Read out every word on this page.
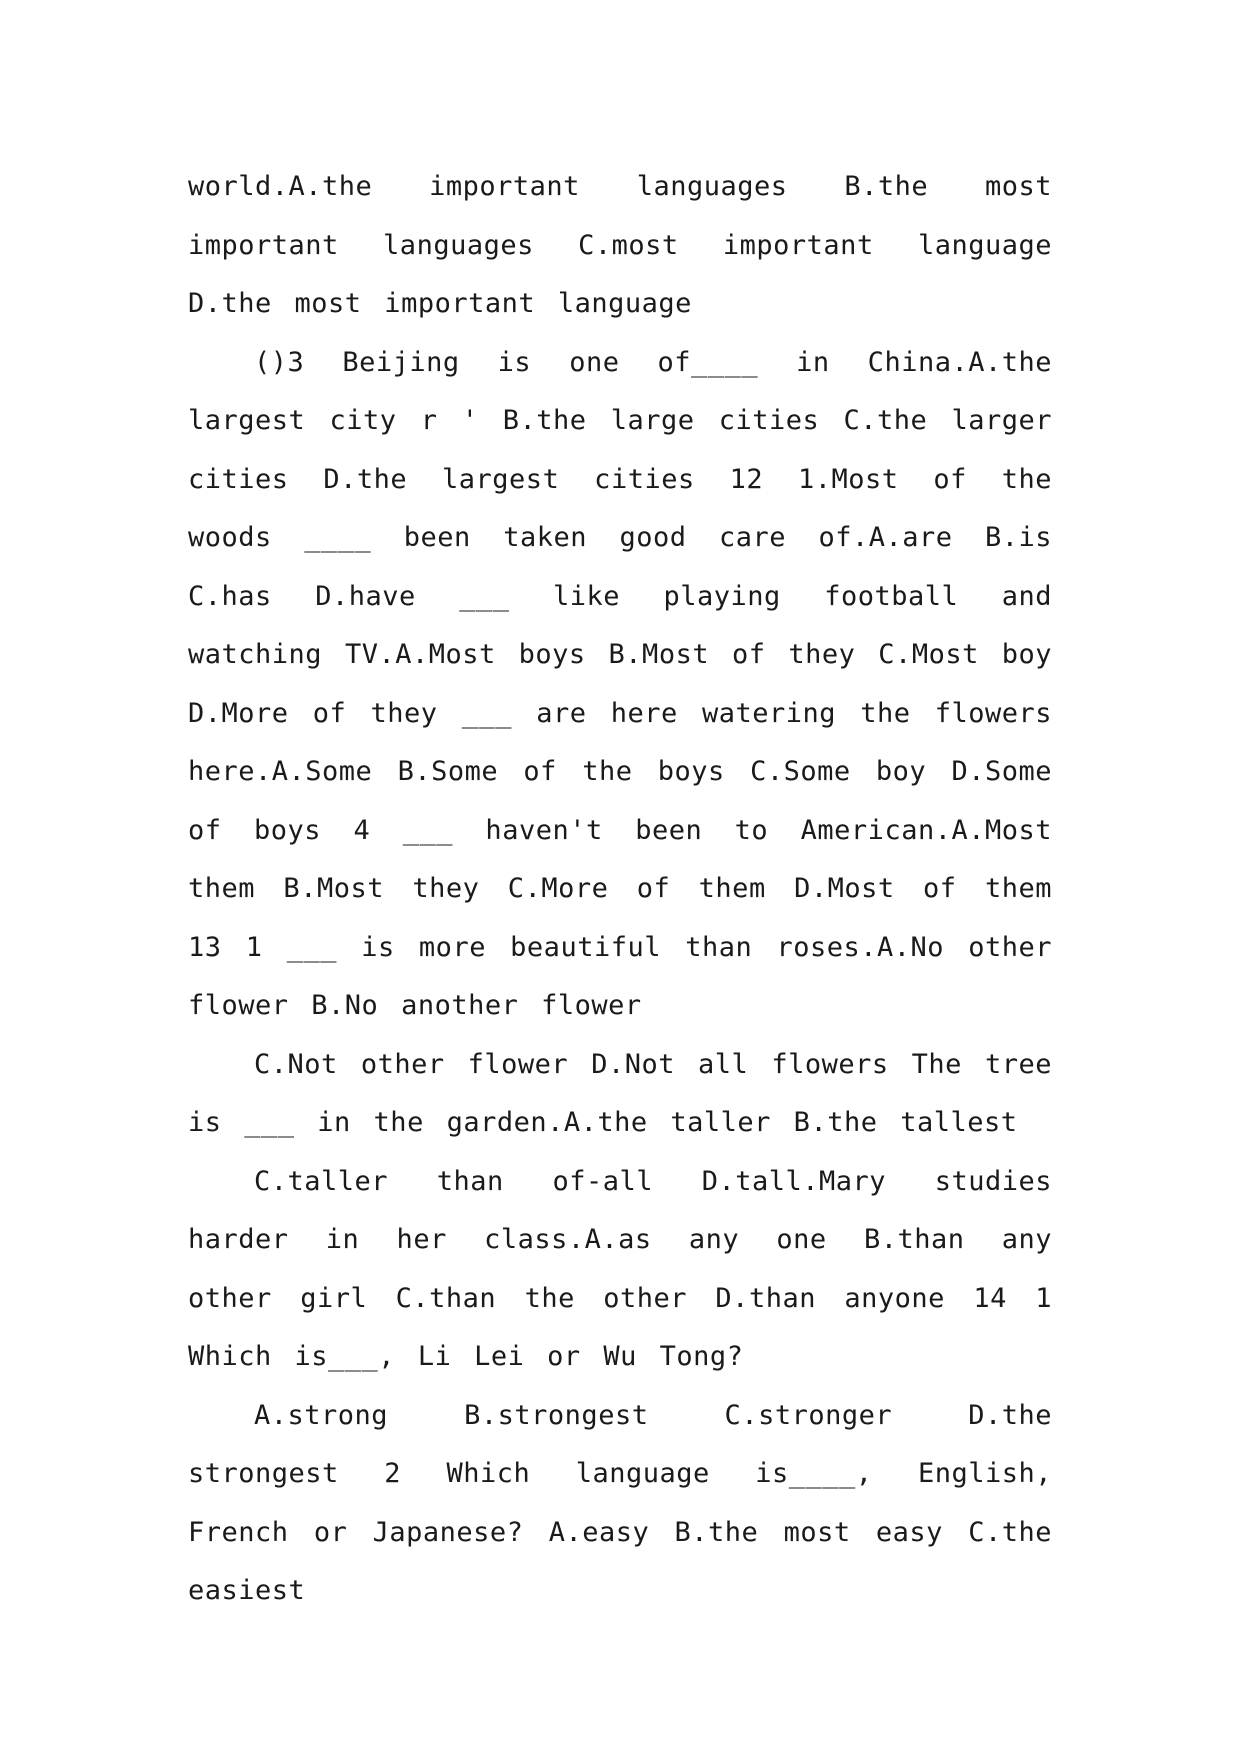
world.A.the important languages B.the most important languages C.most important language D.the most important language

()3 Beijing is one of____ in China.A.the largest city r ' B.the large cities C.the larger cities D.the largest cities 12 1.Most of the woods ____ been taken good care of.A.are B.is C.has D.have ___ like playing football and watching TV.A.Most boys B.Most of they C.Most boy D.More of they ___ are here watering the flowers here.A.Some B.Some of the boys C.Some boy D.Some of boys 4 ___ haven't been to American.A.Most them B.Most they C.More of them D.Most of them 13 1 ___ is more beautiful than roses.A.No other flower B.No another flower

C.Not other flower D.Not all flowers The tree is ___ in the garden.A.the taller B.the tallest

C.taller than of-all D.tall.Mary studies harder in her class.A.as any one B.than any other girl C.than the other D.than anyone 14 1 Which is___, Li Lei or Wu Tong?

A.strong B.strongest C.stronger D.the strongest 2 Which language is____, English, French or Japanese? A.easy B.the most easy C.the easiest
